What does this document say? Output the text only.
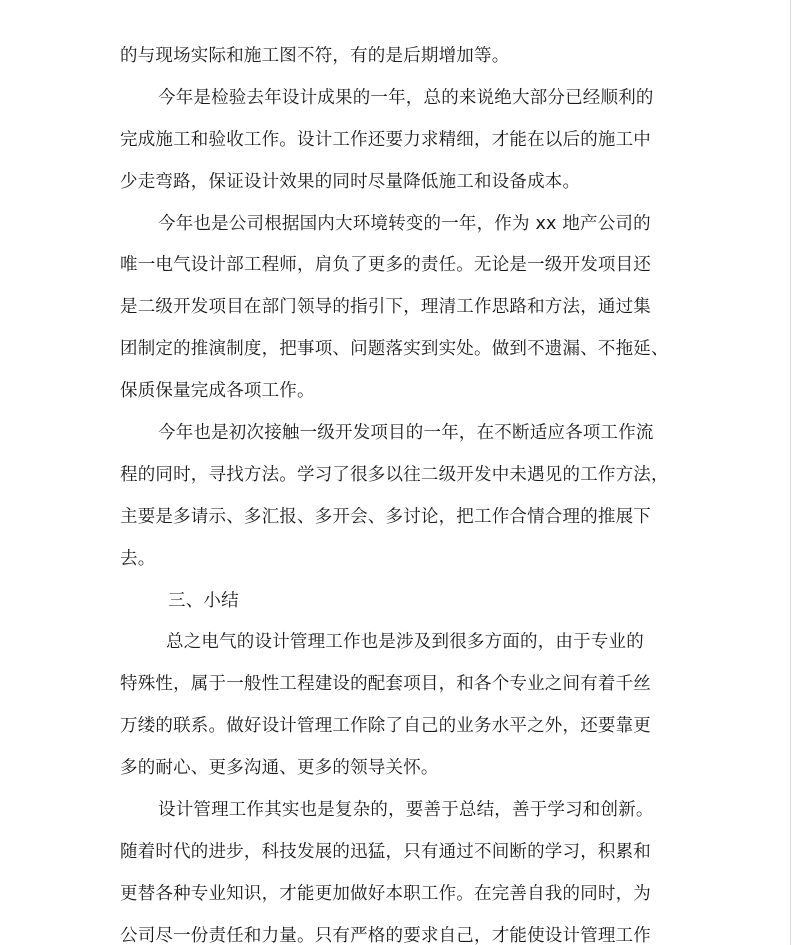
的与现场实际和施工图不符，有的是后期增加等。
今年是检验去年设计成果的一年，总的来说绝大部分已经顺利的
完成施工和验收工作。设计工作还要力求精细，才能在以后的施工中
少走弯路，保证设计效果的同时尽量降低施工和设备成本。
今年也是公司根据国内大环境转变的一年，作为 xx 地产公司的
唯一电气设计部工程师，肩负了更多的责任。无论是一级开发项目还
是二级开发项目在部门领导的指引下，理清工作思路和方法，通过集
团制定的推演制度，把事项、问题落实到实处。做到不遗漏、不拖延、
保质保量完成各项工作。
今年也是初次接触一级开发项目的一年，在不断适应各项工作流
程的同时，寻找方法。学习了很多以往二级开发中未遇见的工作方法，
主要是多请示、多汇报、多开会、多讨论，把工作合情合理的推展下
去。
三、小结
总之电气的设计管理工作也是涉及到很多方面的，由于专业的
特殊性，属于一般性工程建设的配套项目，和各个专业之间有着千丝
万缕的联系。做好设计管理工作除了自己的业务水平之外，还要靠更
多的耐心、更多沟通、更多的领导关怀。
设计管理工作其实也是复杂的，要善于总结，善于学习和创新。
随着时代的进步，科技发展的迅猛，只有通过不间断的学习，积累和
更替各种专业知识，才能更加做好本职工作。在完善自我的同时，为
公司尽一份责任和力量。只有严格的要求自己，才能使设计管理工作
